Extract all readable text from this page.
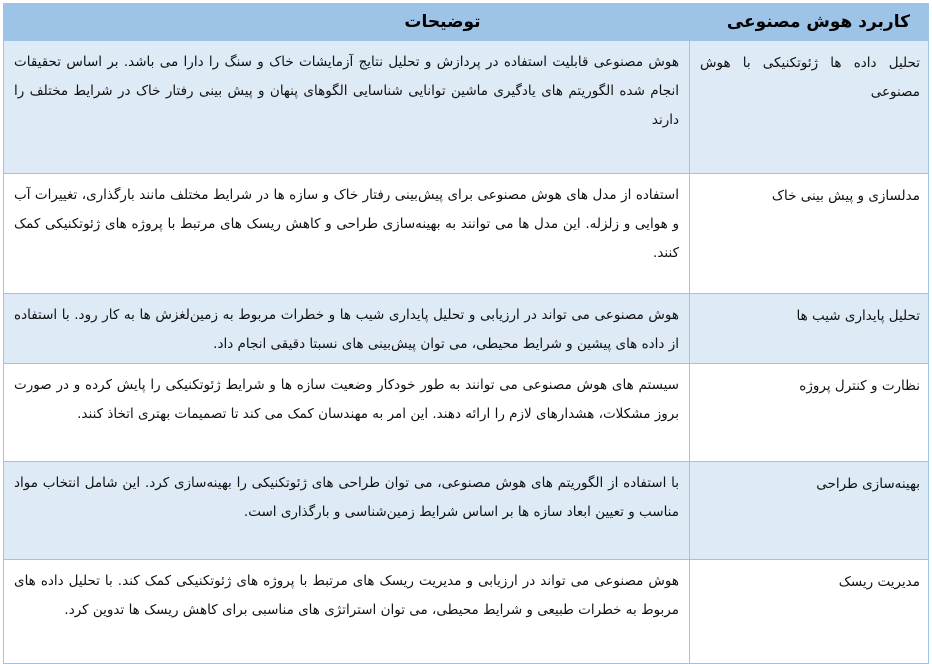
کاربرد هوش مصنوعی	توضیحات
تحلیل داده ها ژئوتکنیکی با هوش مصنوعی	هوش مصنوعی قابلیت استفاده در پردازش و تحلیل نتایج آزمایشات خاک و سنگ را دارا می باشد. بر اساس تحقیقات انجام شده الگوریتم های یادگیری ماشین توانایی شناسایی الگوهای پنهان و پیش بینی رفتار خاک در شرایط مختلف را دارند
مدلسازی و پیش بینی خاک	استفاده از مدل های هوش مصنوعی برای پیش‌بینی رفتار خاک و سازه ها در شرایط مختلف مانند بارگذاری، تغییرات آب و هوایی و زلزله. این مدل ها می توانند به بهینه‌سازی طراحی و کاهش ریسک های مرتبط با پروژه های ژئوتکنیکی کمک کنند.
تحلیل پایداری شیب ها	هوش مصنوعی می تواند در ارزیابی و تحلیل پایداری شیب ها و خطرات مربوط به زمین‌لغزش ها به کار رود. با استفاده از داده های پیشین و شرایط محیطی، می توان پیش‌بینی های نسبتا دقیقی انجام داد.
نظارت و کنترل پروژه	سیستم های هوش مصنوعی می توانند به طور خودکار وضعیت سازه ها و شرایط ژئوتکنیکی را پایش کرده و در صورت بروز مشکلات، هشدارهای لازم را ارائه دهند. این امر به مهندسان کمک می کند تا تصمیمات بهتری اتخاذ کنند.
بهینه‌سازی طراحی	با استفاده از الگوریتم های هوش مصنوعی، می توان طراحی های ژئوتکنیکی را بهینه‌سازی کرد. این شامل انتخاب مواد مناسب و تعیین ابعاد سازه ها بر اساس شرایط زمین‌شناسی و بارگذاری است.
مدیریت ریسک	هوش مصنوعی می تواند در ارزیابی و مدیریت ریسک های مرتبط با پروژه های ژئوتکنیکی کمک کند. با تحلیل داده های مربوط به خطرات طبیعی و شرایط محیطی، می توان استراتژی های مناسبی برای کاهش ریسک ها تدوین کرد.
